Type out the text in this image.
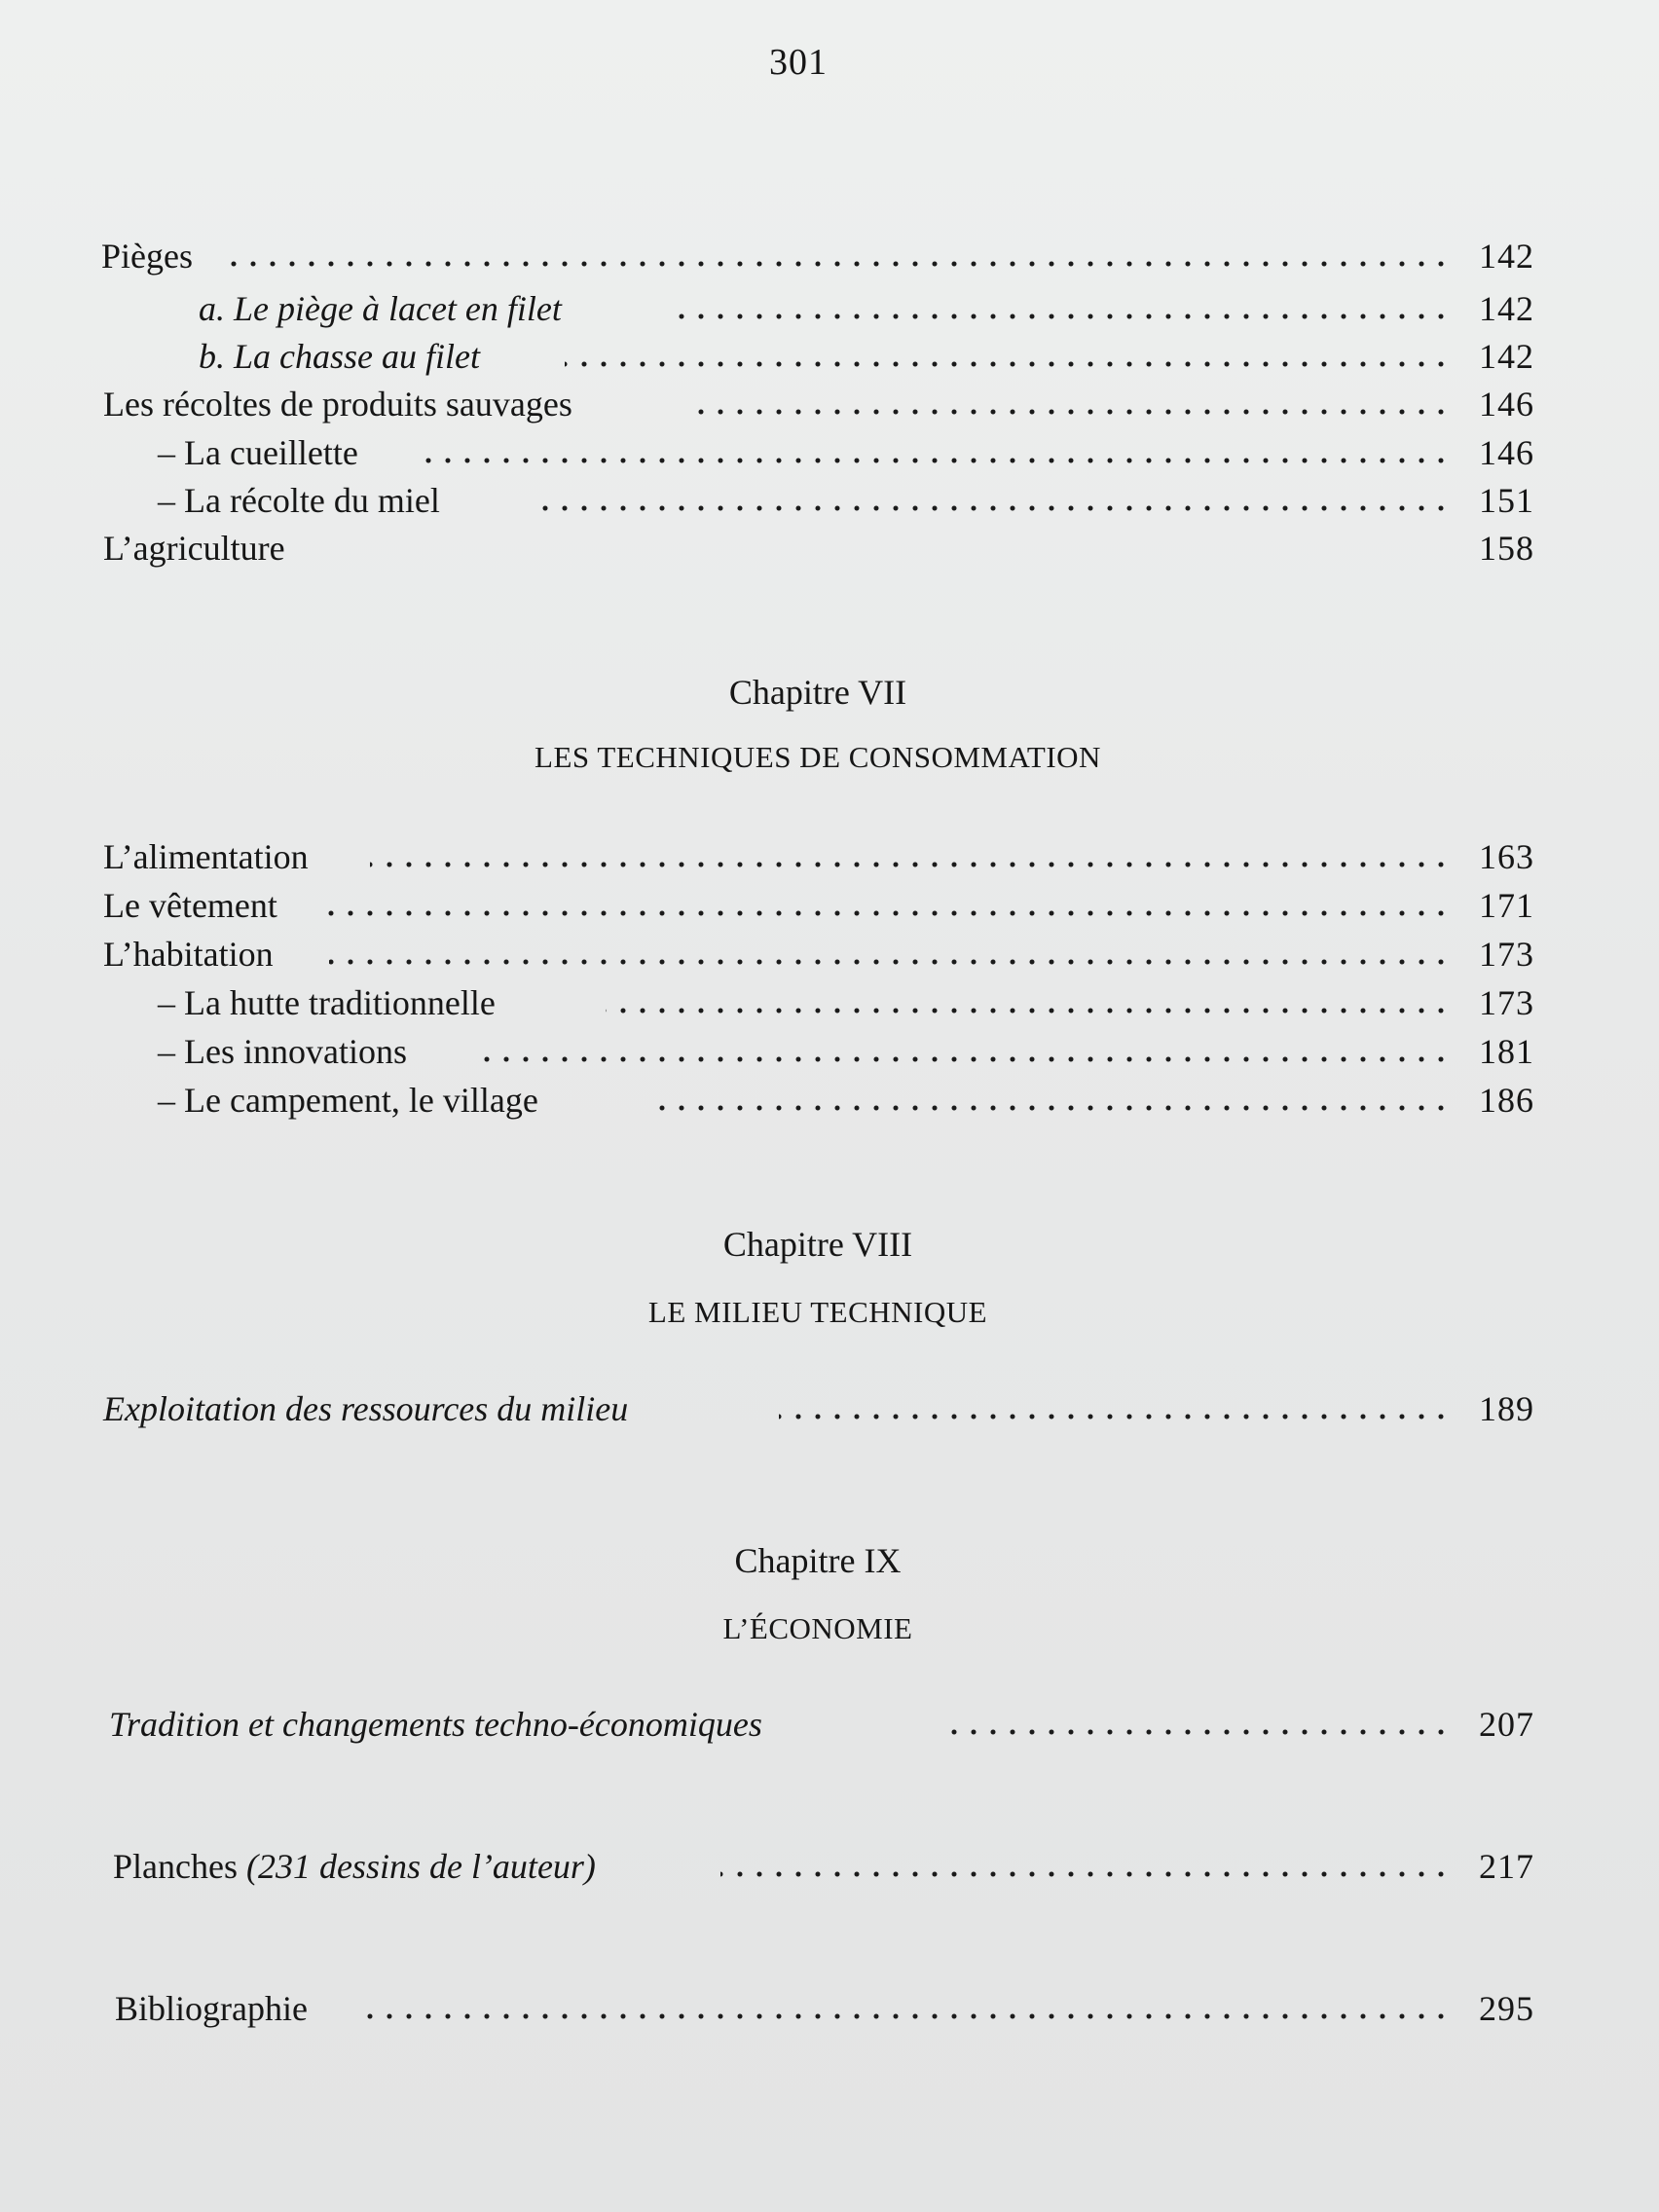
301
Pièges	142
a. Le piège à lacet en filet	142
b. La chasse au filet	142
Les récoltes de produits sauvages	146
– La cueillette	146
– La récolte du miel	151
L’agriculture	158
Chapitre VII
LES TECHNIQUES DE CONSOMMATION
L’alimentation	163
Le vêtement	171
L’habitation	173
– La hutte traditionnelle	173
– Les innovations	181
– Le campement, le village	186
Chapitre VIII
LE MILIEU TECHNIQUE
Exploitation des ressources du milieu	189
Chapitre IX
L’ÉCONOMIE
Tradition et changements techno-économiques	207
Planches (231 dessins de l’auteur)	217
Bibliographie	295
